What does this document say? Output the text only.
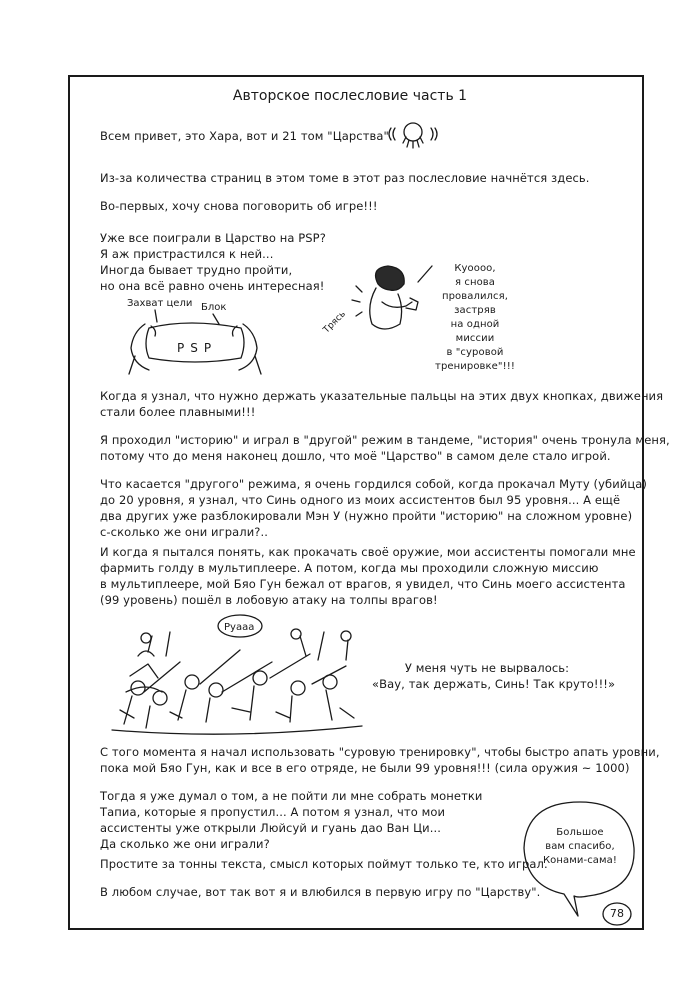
Авторское послесловие часть 1
Всем привет, это Хара, вот и 21 том "Царства".
Из-за количества страниц в этом томе в этот раз послесловие начнётся здесь.
Во-первых, хочу снова поговорить об игре!!!
Уже все поиграли в Царство на PSP?
Я аж пристрастился к ней...
Иногда бывает трудно пройти,
но она всё равно очень интересная!
Захват цели Блок
PSP
Трясь
Куоооо,
я снова
провалился,
застряв
на одной
миссии
в "суровой
тренировке"!!!
Когда я узнал, что нужно держать указательные пальцы на этих двух кнопках, движения
стали более плавными!!!
Я проходил "историю" и играл в "другой" режим в тандеме, "история" очень тронула меня,
потому что до меня наконец дошло, что моё "Царство" в самом деле стало игрой.
Что касается "другого" режима, я очень гордился собой, когда прокачал Муту (убийца)
до 20 уровня, я узнал, что Синь одного из моих ассистентов был 95 уровня... А ещё
два других уже разблокировали Мэн У (нужно пройти "историю" на сложном уровне)
с-сколько же они играли?..
И когда я пытался понять, как прокачать своё оружие, мои ассистенты помогали мне
фармить голду в мультиплеере. А потом, когда мы проходили сложную миссию
в мультиплеере, мой Бяо Гун бежал от врагов, я увидел, что Синь моего ассистента
(99 уровень) пошёл в лобовую атаку на толпы врагов!
Руааа
У меня чуть не вырвалось:
«Вау, так держать, Синь! Так круто!!!»
С того момента я начал использовать "суровую тренировку", чтобы быстро апать уровни,
пока мой Бяо Гун, как и все в его отряде, не были 99 уровня!!! (сила оружия ~ 1000)
Тогда я уже думал о том, а не пойти ли мне собрать монетки
Тапиа, которые я пропустил... А потом я узнал, что мои
ассистенты уже открыли Люйсуй и гуань дао Ван Ци...
Да сколько же они играли?
Простите за тонны текста, смысл которых поймут только те, кто играл.
В любом случае, вот так вот я и влюбился в первую игру по "Царству".
Большое
вам спасибо,
Конами-сама!
78
